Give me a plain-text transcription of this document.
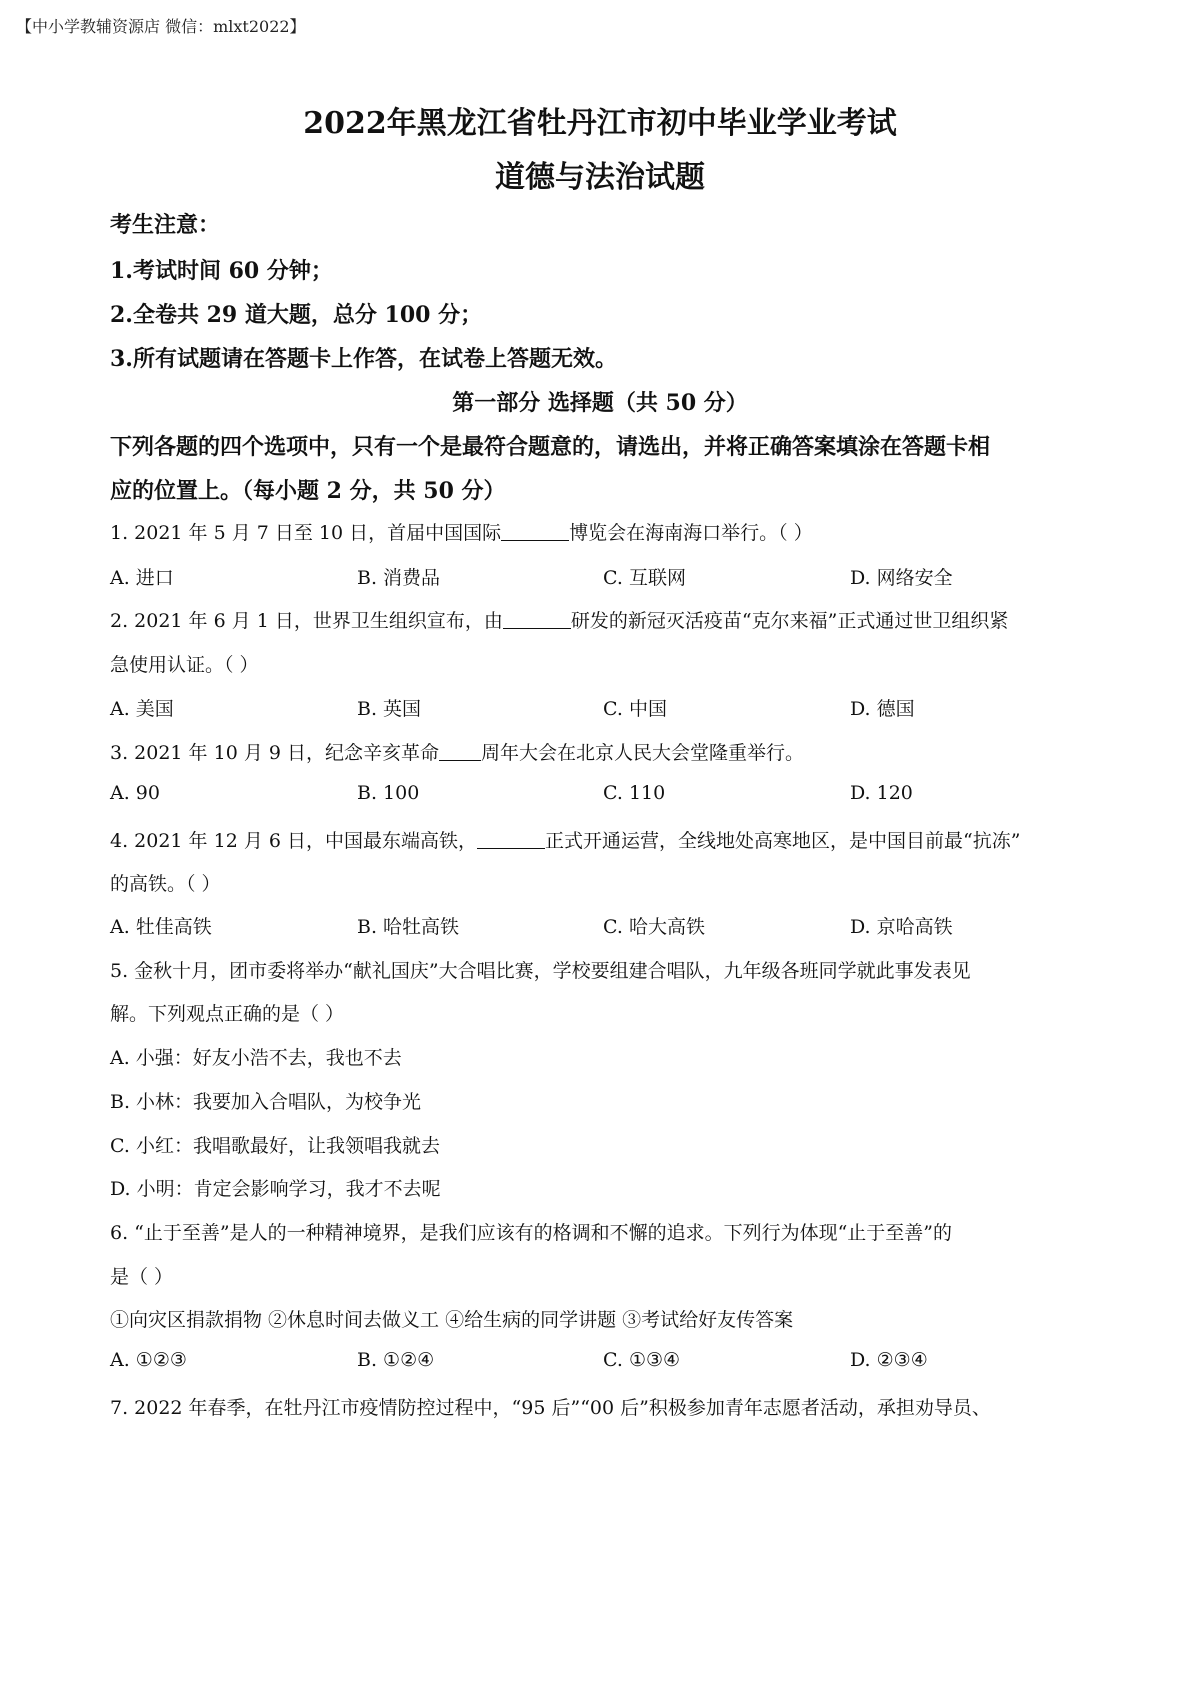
【中小学教辅资源店 微信：mlxt2022】
2022年黑龙江省牡丹江市初中毕业学业考试
道德与法治试题
考生注意：
1.考试时间 60 分钟；
2.全卷共 29 道大题，总分 100 分；
3.所有试题请在答题卡上作答，在试卷上答题无效。
第一部分 选择题（共 50 分）
下列各题的四个选项中，只有一个是最符合题意的，请选出，并将正确答案填涂在答题卡相
应的位置上。（每小题 2 分，共 50 分）
1. 2021 年 5 月 7 日至 10 日，首届中国国际	博览会在海南海口举行。（ ）
A. 进口	B. 消费品	C. 互联网	D. 网络安全
2. 2021 年 6 月 1 日，世界卫生组织宣布，由	研发的新冠灭活疫苗“克尔来福”正式通过世卫组织紧
急使用认证。（ ）
A. 美国	B. 英国	C. 中国	D. 德国
3. 2021 年 10 月 9 日，纪念辛亥革命 周年大会在北京人民大会堂隆重举行。
A. 90	B. 100	C. 110	D. 120
4. 2021 年 12 月 6 日，中国最东端高铁，	正式开通运营，全线地处高寒地区，是中国目前最“抗冻”
的高铁。（ ）
A. 牡佳高铁	B. 哈牡高铁	C. 哈大高铁	D. 京哈高铁
5. 金秋十月，团市委将举办“献礼国庆”大合唱比赛，学校要组建合唱队，九年级各班同学就此事发表见
解。下列观点正确的是（ ）
A. 小强：好友小浩不去，我也不去
B. 小林：我要加入合唱队，为校争光
C. 小红：我唱歌最好，让我领唱我就去
D. 小明：肯定会影响学习，我才不去呢
6. “止于至善”是人的一种精神境界，是我们应该有的格调和不懈的追求。下列行为体现“止于至善”的
是（ ）
①向灾区捐款捐物 ②休息时间去做义工 ④给生病的同学讲题 ③考试给好友传答案
A. ①②③	B. ①②④	C. ①③④	D. ②③④
7. 2022 年春季，在牡丹江市疫情防控过程中，“95 后”“00 后”积极参加青年志愿者活动，承担劝导员、
